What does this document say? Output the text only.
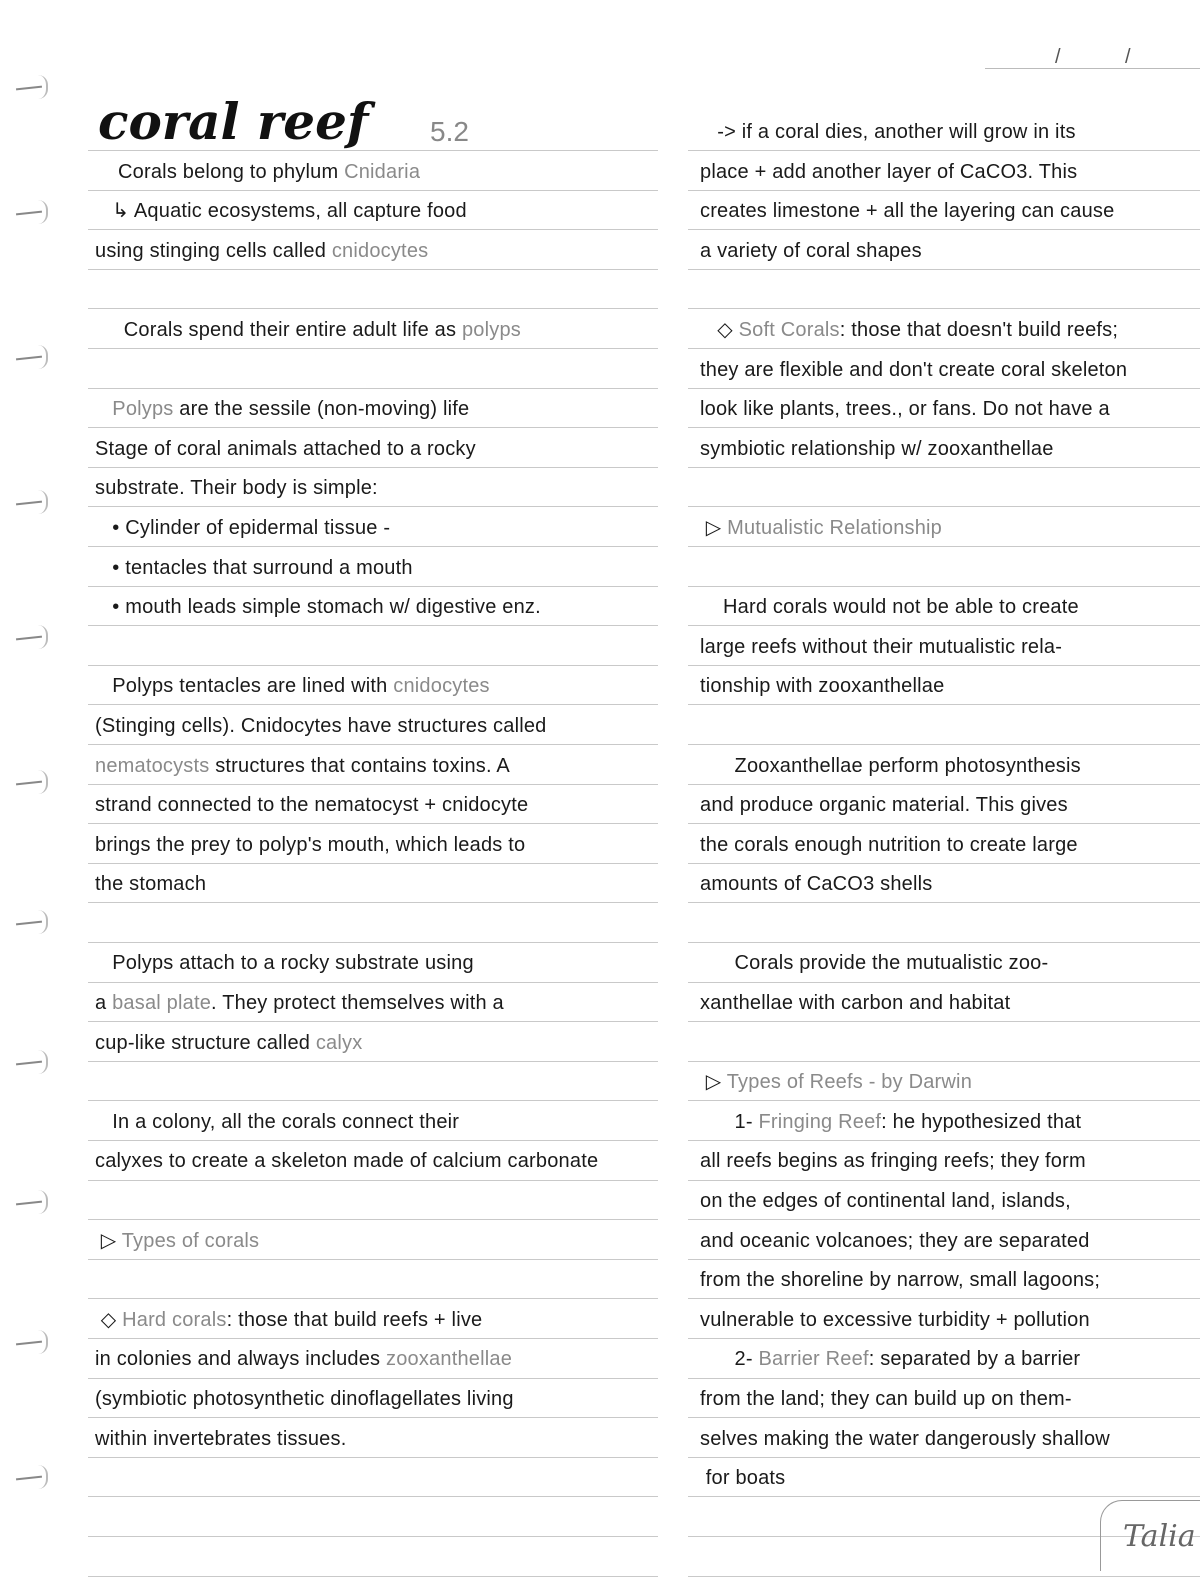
/	/
coral reef 5.2
Corals belong to phylum Cnidaria
↳ Aquatic ecosystems, all capture food
using stinging cells called cnidocytes
Corals spend their entire adult life as polyps
Polyps are the sessile (non-moving) life
Stage of coral animals attached to a rocky
substrate. Their body is simple:
• Cylinder of epidermal tissue -
• tentacles that surround a mouth
• mouth leads simple stomach w/ digestive enz.
Polyps tentacles are lined with cnidocytes
(Stinging cells). Cnidocytes have structures called
nematocysts structures that contains toxins. A
strand connected to the nematocyst + cnidocyte
brings the prey to polyp's mouth, which leads to
the stomach
Polyps attach to a rocky substrate using
a basal plate. They protect themselves with a
cup-like structure called calyx
In a colony, all the corals connect their
calyxes to create a skeleton made of calcium carbonate
▷ Types of corals
◇ Hard corals: those that build reefs + live
in colonies and always includes zooxanthellae
(symbiotic photosynthetic dinoflagellates living
within invertebrates tissues.
-> if a coral dies, another will grow in its
place + add another layer of CaCO3. This
creates limestone + all the layering can cause
a variety of coral shapes
◇ Soft Corals: those that doesn't build reefs;
they are flexible and don't create coral skeleton
look like plants, trees., or fans. Do not have a
symbiotic relationship w/ zooxanthellae
▷ Mutualistic Relationship
Hard corals would not be able to create
large reefs without their mutualistic rela-
tionship with zooxanthellae
Zooxanthellae perform photosynthesis
and produce organic material. This gives
the corals enough nutrition to create large
amounts of CaCO3 shells
Corals provide the mutualistic zoo-
xanthellae with carbon and habitat
▷ Types of Reefs - by Darwin
1- Fringing Reef: he hypothesized that
all reefs begins as fringing reefs; they form
on the edges of continental land, islands,
and oceanic volcanoes; they are separated
from the shoreline by narrow, small lagoons;
vulnerable to excessive turbidity + pollution
2- Barrier Reef: separated by a barrier
from the land; they can build up on them-
selves making the water dangerously shallow
for boats
Talia
